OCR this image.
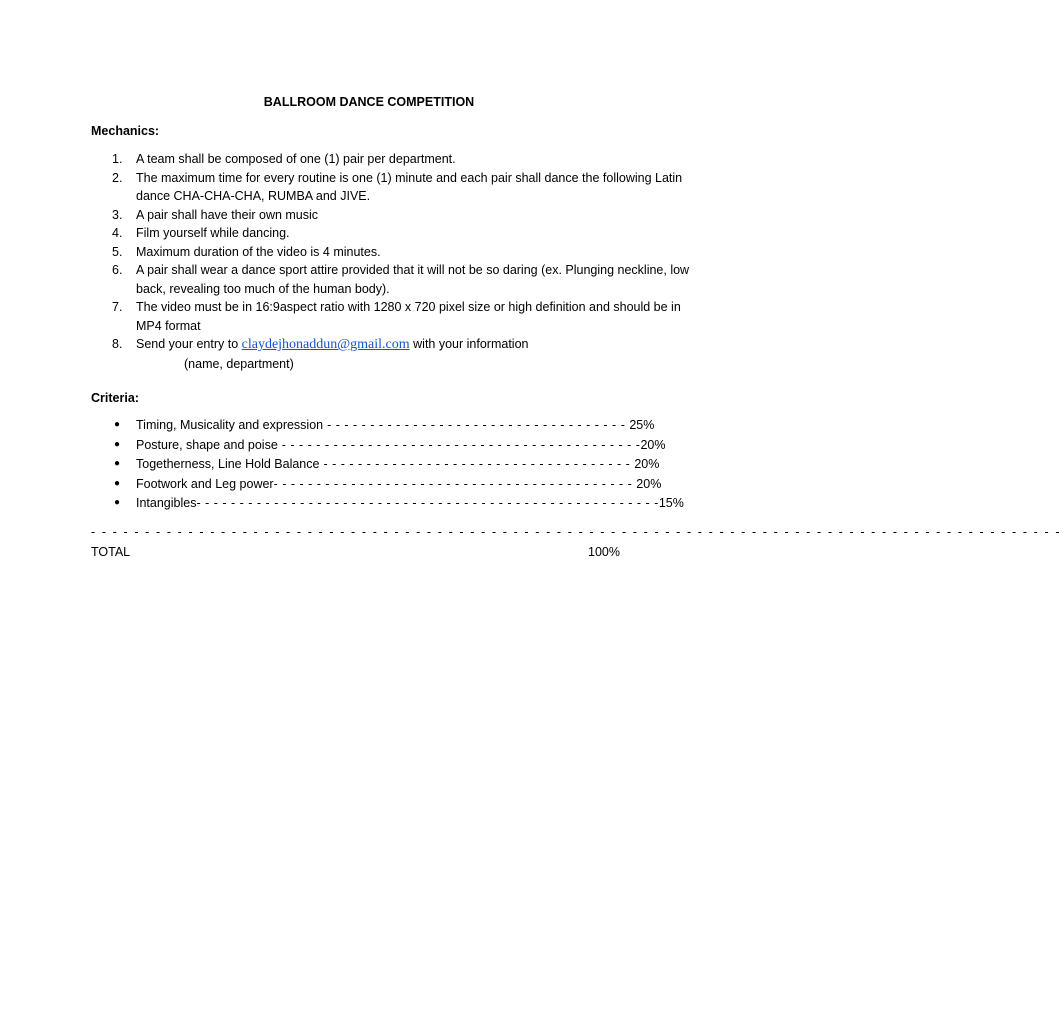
BALLROOM DANCE COMPETITION
Mechanics:
1.	A team shall be composed of one (1) pair per department.
2.	The maximum time for every routine is one (1) minute and each pair shall dance the following Latin dance CHA-CHA-CHA, RUMBA and JIVE.
3.	A pair shall have their own music
4.	Film yourself while dancing.
5.	Maximum duration of the video is 4 minutes.
6.	A pair shall wear a dance sport attire provided that it will not be so daring (ex. Plunging neckline, low back, revealing too much of the human body).
7.	The video must be in 16:9aspect ratio with 1280 x 720 pixel size or high definition and should be in MP4 format
8.	Send your entry to claydejhonaddun@gmail.com with your information
(name, department)
Criteria:
●	Timing, Musicality and expression - - - - - - - - - - - - - - - - - - - - - - - - - - - - - - - - - - - 25%
●	Posture, shape and poise - - - - - - - - - - - - - - - - - - - - - - - - - - - - - - - - - - - - - - - - - -20%
●	Togetherness, Line Hold Balance - - - - - - - - - - - - - - - - - - - - - - - - - - - - - - - - - - - - 20%
●	Footwork and Leg power- - - - - - - - - - - - - - - - - - - - - - - - - - - - - - - - - - - - - - - - - - 20%
●	Intangibles- - - - - - - - - - - - - - - - - - - - - - - - - - - - - - - - - - - - - - - - - - - - - - - - - - - - - -15%
- - - - - - - - - - - - - - - - - - - - - - - - - - - - - - - - - - - - - - - - - - - - - - - - - - - - - - - - - - - - - - - - - - - - - - - - - - - - - - - - - - - - - - - - - -
TOTAL	100%
